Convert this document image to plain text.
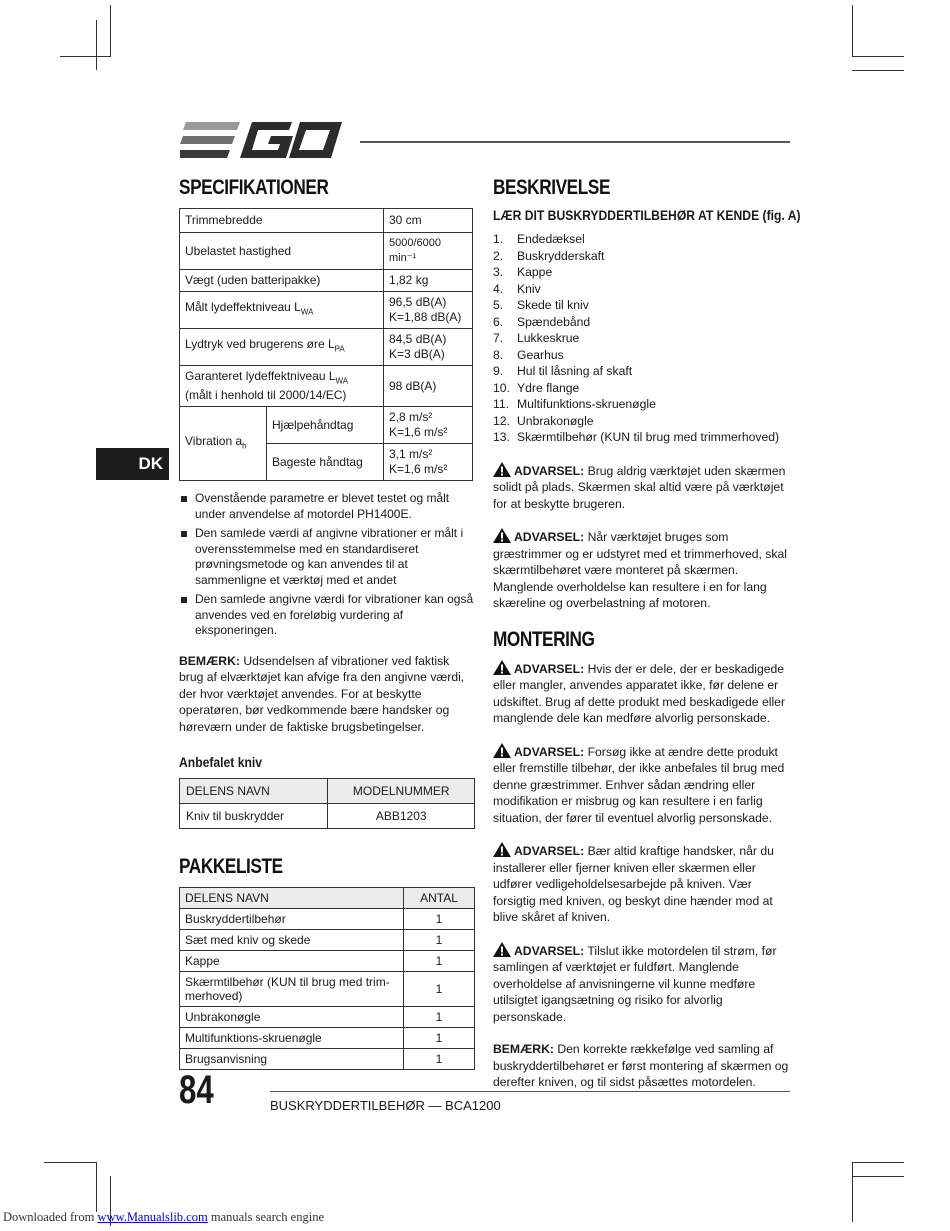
DK
SPECIFIKATIONER
Trimmebredde		30 cm
Ubelastet hastighed		5000/6000 min⁻¹
Vægt (uden batteripakke)		1,82 kg
Målt lydeffektniveau $L_{WA}$		96,5 dB(A)
K=1,88 dB(A)

Lydtryk ved brugerens øre $L_{PA}$		84,5 dB(A)
K=3 dB(A)

Garanteret lydeffektniveau $L_{WA}$
(målt i henhold til 2000/14/EC)		98 dB(A)
Vibration $a_h$	Hjælpehåndtag	2,8 m/s²
K=1,6 m/s²

	Bageste håndtag	3,1 m/s²
K=1,6 m/s²
Ovenstående parametre er blevet testet og målt under anvendelse af motordel PH1400E.
Den samlede værdi af angivne vibrationer er målt i overensstemmelse med en standardiseret prøvningsmetode og kan anvendes til at sammenligne et værktøj med et andet
Den samlede angivne værdi for vibrationer kan også anvendes ved en foreløbig vurdering af eksponeringen.

BEMÆRK: Udsendelsen af vibrationer ved faktisk brug af elværktøjet kan afvige fra den angivne værdi, der hvor værktøjet anvendes. For at beskytte operatøren, bør vedkommende bære handsker og høreværn under de faktiske brugsbetingelser.

Anbefalet kniv
DELENS NAVN	MODELNUMMER
Kniv til buskrydder	ABB1203
PAKKELISTE
DELENS NAVN	ANTAL
Buskryddertilbehør	1
Sæt med kniv og skede	1
Kappe	1
Skærmtilbehør (KUN til brug med trim-merhoved)	1
Unbrakonøgle	1
Multifunktions-skruenøgle	1
Brugsanvisning	1
BESKRIVELSE
LÆR DIT BUSKRYDDERTILBEHØR AT KENDE (fig. A)
1. Endedæksel
2. Buskrydderskaft
3. Kappe
4. Kniv
5. Skede til kniv
6. Spændebånd
7. Lukkeskrue
8. Gearhus
9. Hul til låsning af skaft
10. Ydre flange
11. Multifunktions-skruenøgle
12. Unbrakonøgle
13. Skærmtilbehør (KUN til brug med trimmerhoved)

ADVARSEL: Brug aldrig værktøjet uden skærmen solidt på plads. Skærmen skal altid være på værktøjet for at beskytte brugeren.

ADVARSEL: Når værktøjet bruges som græstrimmer og er udstyret med et trimmerhoved, skal skærmtilbehøret være monteret på skærmen. Manglende overholdelse kan resultere i en for lang skæreline og overbelastning af motoren.

MONTERING

ADVARSEL: Hvis der er dele, der er beskadigede eller mangler, anvendes apparatet ikke, før delene er udskiftet. Brug af dette produkt med beskadigede eller manglende dele kan medføre alvorlig personskade.

ADVARSEL: Forsøg ikke at ændre dette produkt eller fremstille tilbehør, der ikke anbefales til brug med denne græstrimmer. Enhver sådan ændring eller modifikation er misbrug og kan resultere i en farlig situation, der fører til eventuel alvorlig personskade.

ADVARSEL: Bær altid kraftige handsker, når du installerer eller fjerner kniven eller skærmen eller udfører vedligeholdelsesarbejde på kniven. Vær forsigtig med kniven, og beskyt dine hænder mod at blive skåret af kniven.

ADVARSEL: Tilslut ikke motordelen til strøm, før samlingen af værktøjet er fuldført. Manglende overholdelse af anvisningerne vil kunne medføre utilsigtet igangsætning og risiko for alvorlig personskade.

BEMÆRK: Den korrekte rækkefølge ved samling af buskryddertilbehøret er først montering af skærmen og derefter kniven, og til sidst påsættes motordelen.

84	BUSKRYDDERTILBEHØR — BCA1200
Downloaded from www.Manualslib.com manuals search engine
